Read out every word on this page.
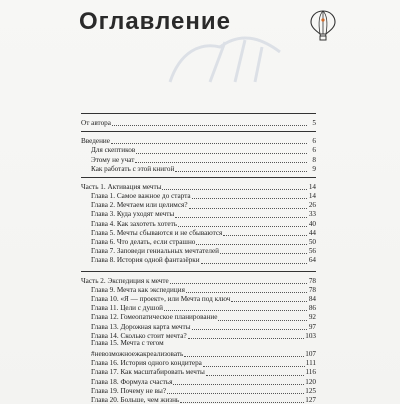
Оглавление
От автора	5
Введение	6
Для скептиков	6
Этому не учат	8
Как работать с этой книгой	9
Часть 1. Активация мечты	14
Глава 1. Самое важное до старта	14
Глава 2. Мечтаем или целимся?	26
Глава 3. Куда уходят мечты	33
Глава 4. Как захотеть хотеть	40
Глава 5. Мечты сбываются и не сбываются	44
Глава 6. Что делать, если страшно	50
Глава 7. Заповеди гениальных мечтателей	56
Глава 8. История одной фантазёрки	64
Часть 2. Экспедиция к мечте	78
Глава 9. Мечта как экспедиция	78
Глава 10. «Я — проект», или Мечта под ключ	84
Глава 11. Цели с душой	86
Глава 12. Гомеопатическое планирование	92
Глава 13. Дорожная карта мечты	97
Глава 14. Сколько стоит мечта?	103
Глава 15. Мечта с тегом
#невозможноежакреализовать	107
Глава 16. История одного кондитера	111
Глава 17. Как масштабировать мечты	116
Глава 18. Формула счастья	120
Глава 19. Почему не вы?	125
Глава 20. Больше, чем жизнь	127
